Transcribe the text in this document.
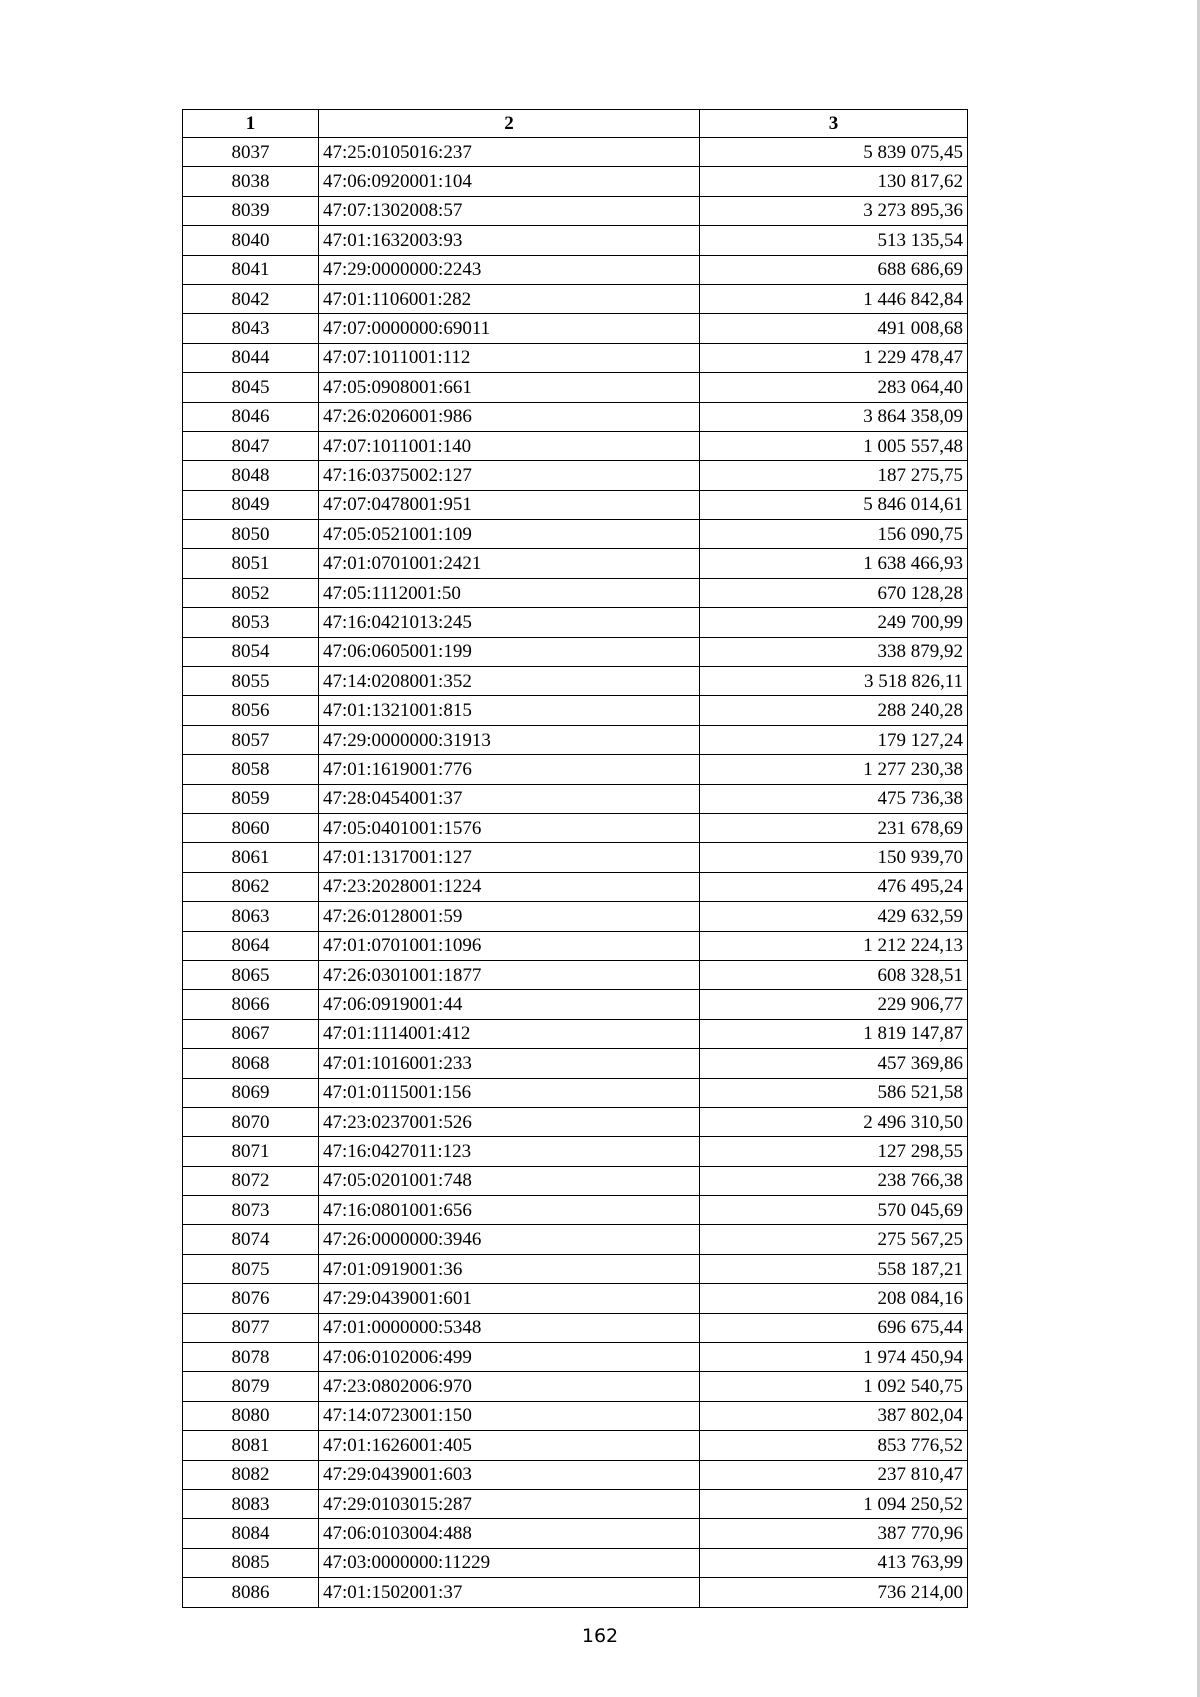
1	2	3
8037	47:25:0105016:237	5 839 075,45
8038	47:06:0920001:104	130 817,62
8039	47:07:1302008:57	3 273 895,36
8040	47:01:1632003:93	513 135,54
8041	47:29:0000000:2243	688 686,69
8042	47:01:1106001:282	1 446 842,84
8043	47:07:0000000:69011	491 008,68
8044	47:07:1011001:112	1 229 478,47
8045	47:05:0908001:661	283 064,40
8046	47:26:0206001:986	3 864 358,09
8047	47:07:1011001:140	1 005 557,48
8048	47:16:0375002:127	187 275,75
8049	47:07:0478001:951	5 846 014,61
8050	47:05:0521001:109	156 090,75
8051	47:01:0701001:2421	1 638 466,93
8052	47:05:1112001:50	670 128,28
8053	47:16:0421013:245	249 700,99
8054	47:06:0605001:199	338 879,92
8055	47:14:0208001:352	3 518 826,11
8056	47:01:1321001:815	288 240,28
8057	47:29:0000000:31913	179 127,24
8058	47:01:1619001:776	1 277 230,38
8059	47:28:0454001:37	475 736,38
8060	47:05:0401001:1576	231 678,69
8061	47:01:1317001:127	150 939,70
8062	47:23:2028001:1224	476 495,24
8063	47:26:0128001:59	429 632,59
8064	47:01:0701001:1096	1 212 224,13
8065	47:26:0301001:1877	608 328,51
8066	47:06:0919001:44	229 906,77
8067	47:01:1114001:412	1 819 147,87
8068	47:01:1016001:233	457 369,86
8069	47:01:0115001:156	586 521,58
8070	47:23:0237001:526	2 496 310,50
8071	47:16:0427011:123	127 298,55
8072	47:05:0201001:748	238 766,38
8073	47:16:0801001:656	570 045,69
8074	47:26:0000000:3946	275 567,25
8075	47:01:0919001:36	558 187,21
8076	47:29:0439001:601	208 084,16
8077	47:01:0000000:5348	696 675,44
8078	47:06:0102006:499	1 974 450,94
8079	47:23:0802006:970	1 092 540,75
8080	47:14:0723001:150	387 802,04
8081	47:01:1626001:405	853 776,52
8082	47:29:0439001:603	237 810,47
8083	47:29:0103015:287	1 094 250,52
8084	47:06:0103004:488	387 770,96
8085	47:03:0000000:11229	413 763,99
8086	47:01:1502001:37	736 214,00
162
